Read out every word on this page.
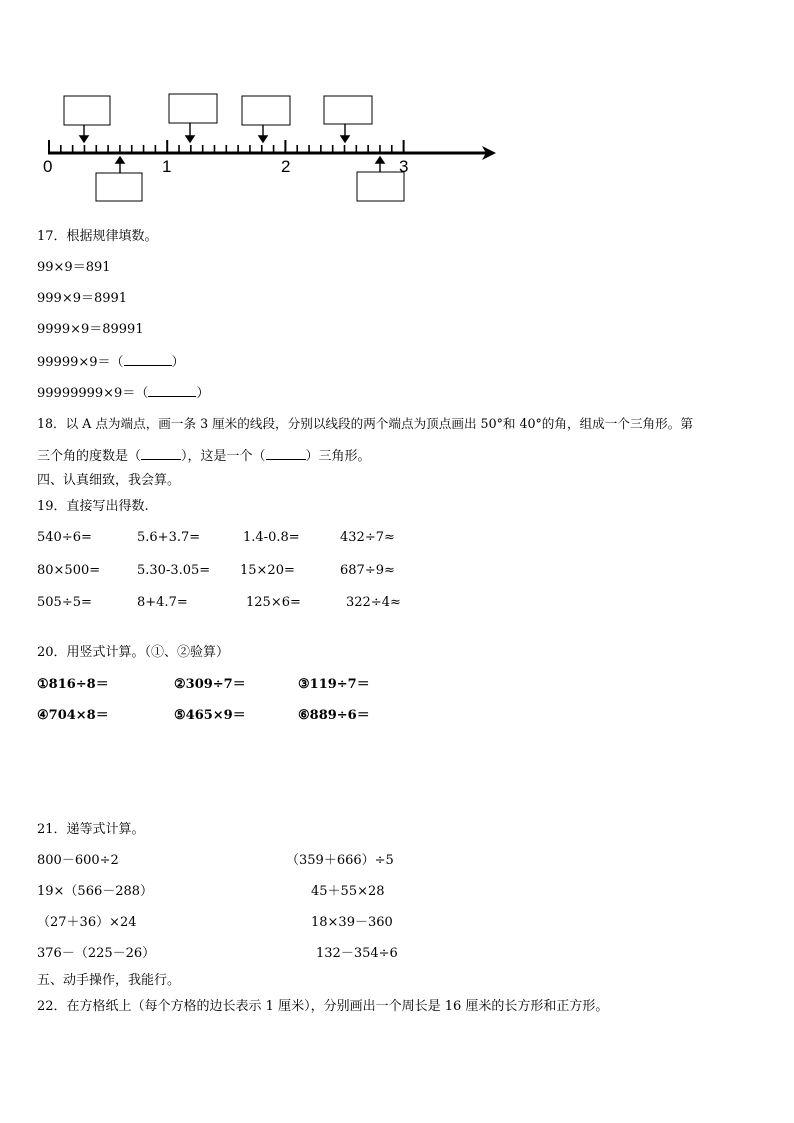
0	1	2	3
17．根据规律填数。
99×9＝891
999×9＝8991
9999×9＝89991
99999×9＝（	）
99999999×9＝（	）
18．以 A 点为端点，画一条 3 厘米的线段，分别以线段的两个端点为顶点画出 50°和 40°的角，组成一个三角形。第
三个角的度数是（	），这是一个（	）三角形。
四、认真细致，我会算。
19．直接写出得数.
540÷6=	5.6+3.7=	1.4-0.8=	432÷7≈
80×500=	5.30-3.05= 15×20=	687÷9≈
505÷5=	8+4.7=	125×6=	322÷4≈
20．用竖式计算。（①、②验算）
①816÷8＝	②309÷7＝	③119÷7＝
④704×8＝	⑤465×9＝	⑥889÷6＝
21．递等式计算。
800－600÷2	（359＋666）÷5
19×（566－288）	45＋55×28
（27＋36）×24	18×39－360
376－（225－26）	132－354÷6
五、动手操作，我能行。
22．在方格纸上（每个方格的边长表示 1 厘米），分别画出一个周长是 16 厘米的长方形和正方形。
